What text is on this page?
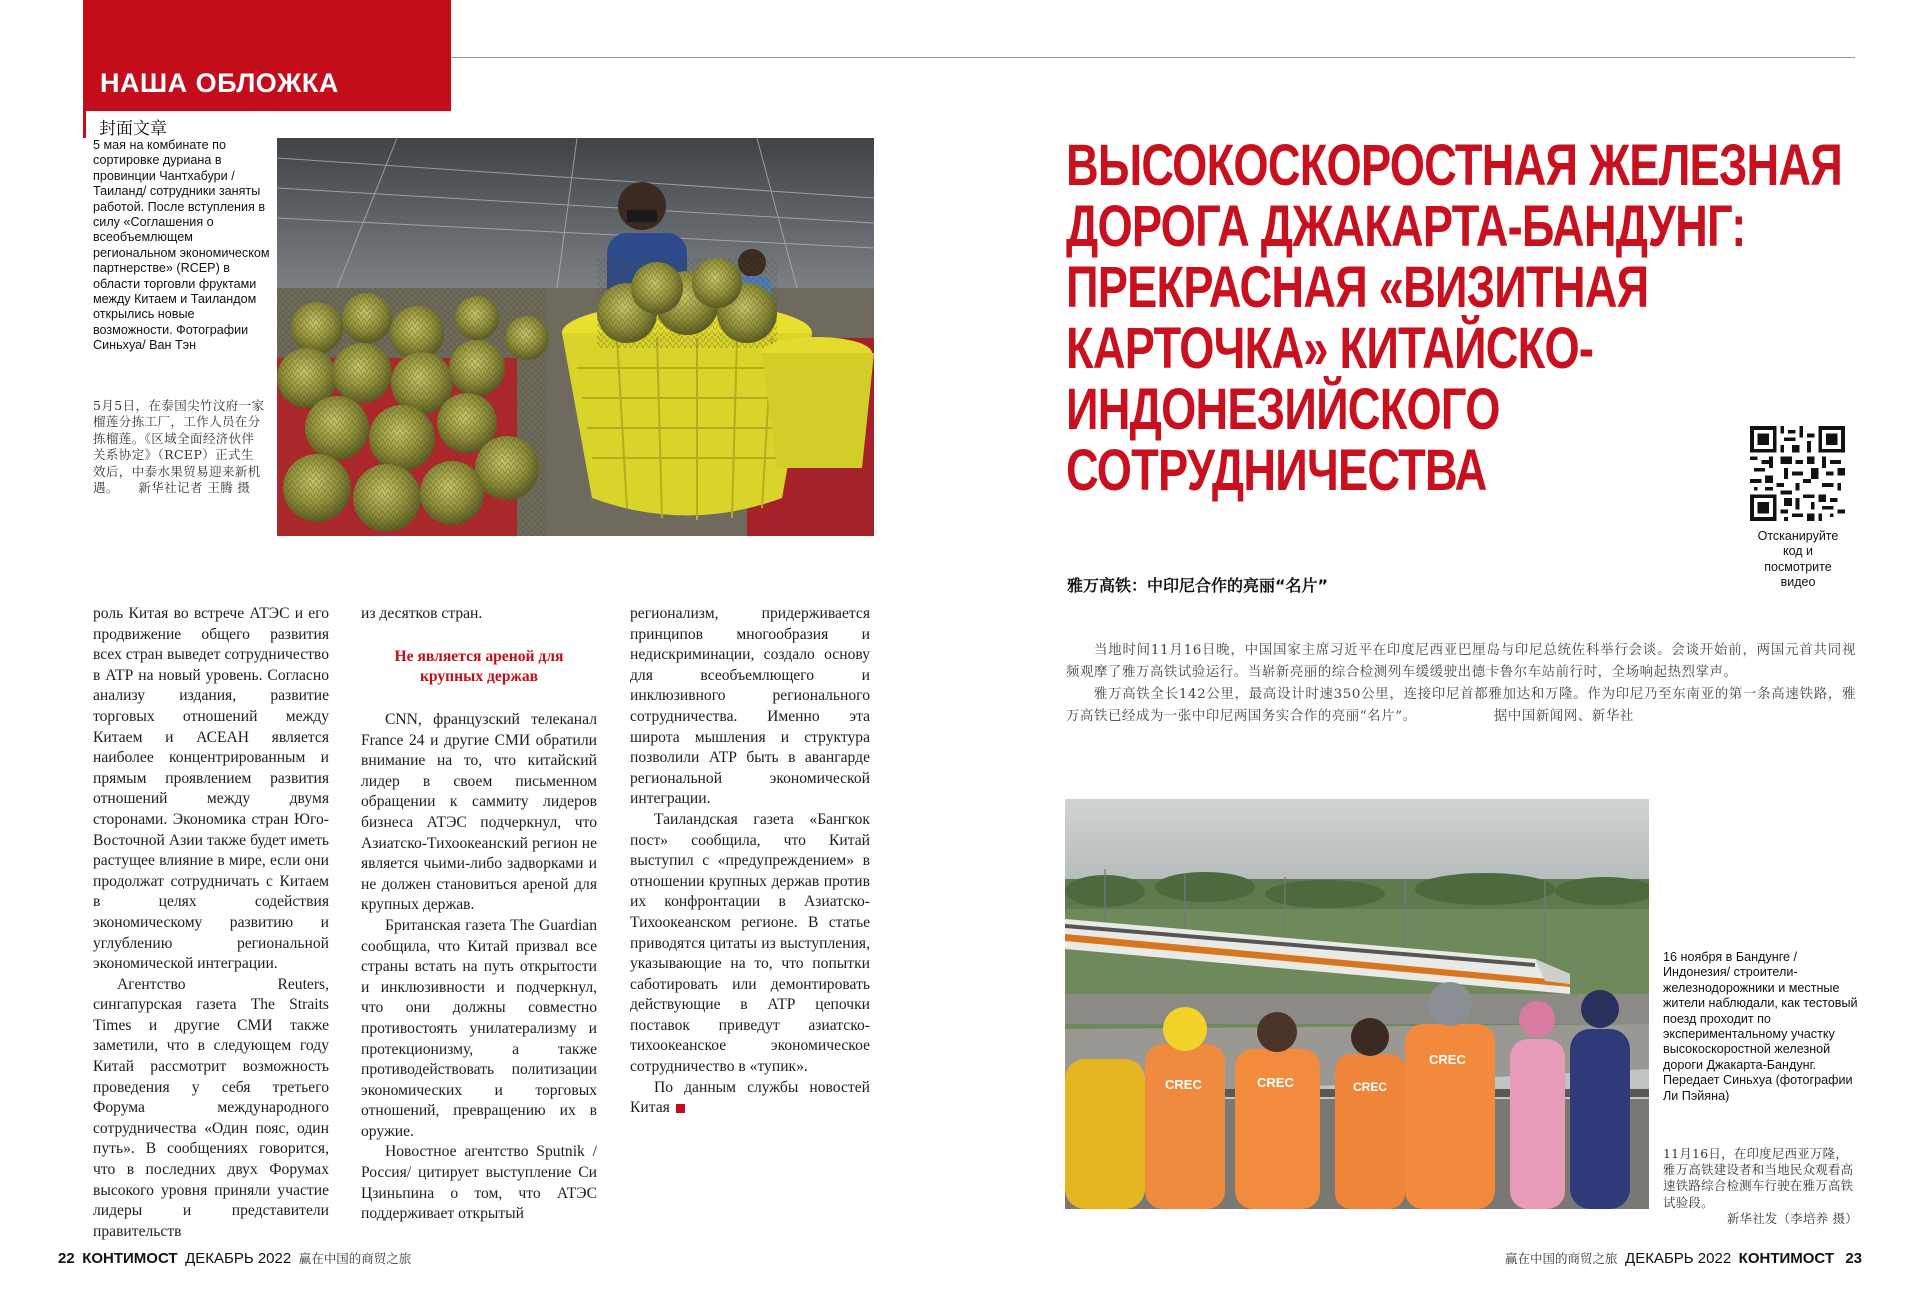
НАША ОБЛОЖКА
封面文章
5 мая на комбинате по сортировке дуриана в провинции Чантхабури /Таиланд/ сотрудники заняты работой. После вступления в силу «Соглашения о всеобъемлющем региональном экономическом партнерстве» (RCEP) в области торговли фруктами между Китаем и Таиландом открылись новые возможности. Фотографии Синьхуа/ Ван Тэн
5月5日，在泰国尖竹汶府一家榴莲分拣工厂，工作人员在分拣榴莲。《区域全面经济伙伴关系协定》（RCEP）正式生效后，中泰水果贸易迎来新机遇。　　新华社记者 王腾 摄
ВЫСОКОСКОРОСТНАЯ ЖЕЛЕЗНАЯ
ДОРОГА ДЖАКАРТА-БАНДУНГ:
ПРЕКРАСНАЯ «ВИЗИТНАЯ
КАРТОЧКА» КИТАЙСКО-
ИНДОНЕЗИЙСКОГО
СОТРУДНИЧЕСТВА
雅万高铁：中印尼合作的亮丽“名片”
Отсканируйте код и посмотрите видео

роль Китая во встрече АТЭС и его продвижение общего развития всех стран выведет сотрудничество в АТР на новый уровень. Согласно анализу издания, развитие торговых отношений между Китаем и АСЕАН является наиболее концентрированным и прямым проявлением развития отношений между двумя сторонами. Экономика стран Юго-Восточной Азии также будет иметь растущее влияние в мире, если они продолжат сотрудничать с Китаем в целях содействия экономическому развитию и углублению региональной экономической интеграции.

Агентство Reuters, сингапурская газета The Straits Times и другие СМИ также заметили, что в следующем году Китай рассмотрит возможность проведения у себя третьего Форума международного сотрудничества «Один пояс, один путь». В сообщениях говорится, что в последних двух Форумах высокого уровня приняли участие лидеры и представители правительств

из десятков стран.

Не является ареной для крупных держав

CNN, французский телеканал France 24 и другие СМИ обратили внимание на то, что китайский лидер в своем письменном обращении к саммиту лидеров бизнеса АТЭС подчеркнул, что Азиатско-Тихоокеанский регион не является чьими-либо задворками и не должен становиться ареной для крупных держав.

Британская газета The Guardian сообщила, что Китай призвал все страны встать на путь открытости и инклюзивности и подчеркнул, что они должны совместно противостоять унилатерализму и протекционизму, а также противодействовать политизации экономических и торговых отношений, превращению их в оружие.

Новостное агентство Sputnik /Россия/ цитирует выступление Си Цзиньпина о том, что АТЭС поддерживает открытый

регионализм, придерживается принципов многообразия и недискриминации, создало основу для всеобъемлющего и инклюзивного регионального сотрудничества. Именно эта широта мышления и структура позволили АТР быть в авангарде региональной экономической интеграции.

Таиландская газета «Бангкок пост» сообщила, что Китай выступил с «предупреждением» в отношении крупных держав против их конфронтации в Азиатско-Тихоокеанском регионе. В статье приводятся цитаты из выступления, указывающие на то, что попытки саботировать или демонтировать действующие в АТР цепочки поставок приведут азиатско-тихоокеанское экономическое сотрудничество в «тупик».

По данным службы новостей Китая

当地时间11月16日晚，中国国家主席习近平在印度尼西亚巴厘岛与印尼总统佐科举行会谈。会谈开始前，两国元首共同视频观摩了雅万高铁试验运行。当崭新亮丽的综合检测列车缓缓驶出德卡鲁尔车站前行时，全场响起热烈掌声。

雅万高铁全长142公里，最高设计时速350公里，连接印尼首都雅加达和万隆。作为印尼乃至东南亚的第一条高速铁路，雅万高铁已经成为一张中印尼两国务实合作的亮丽“名片”。　　　　　　据中国新闻网、新华社

CREC	CREC	CREC
CREC
16 ноября в Бандунге /Индонезия/ строители-железнодорожники и местные жители наблюдали, как тестовый поезд проходит по экспериментальному участку высокоскоростной железной дороги Джакарта-Бандунг. Передает Синьхуа (фотографии Ли Пэйяна)
11月16日，在印度尼西亚万隆，雅万高铁建设者和当地民众观看高速铁路综合检测车行驶在雅万高铁试验段。
新华社发（李培养 摄）
22 КОНТИМОСТ ДЕКАБРЬ 2022 赢在中国的商贸之旅	赢在中国的商贸之旅 ДЕКАБРЬ 2022 КОНТИМОСТ 23
